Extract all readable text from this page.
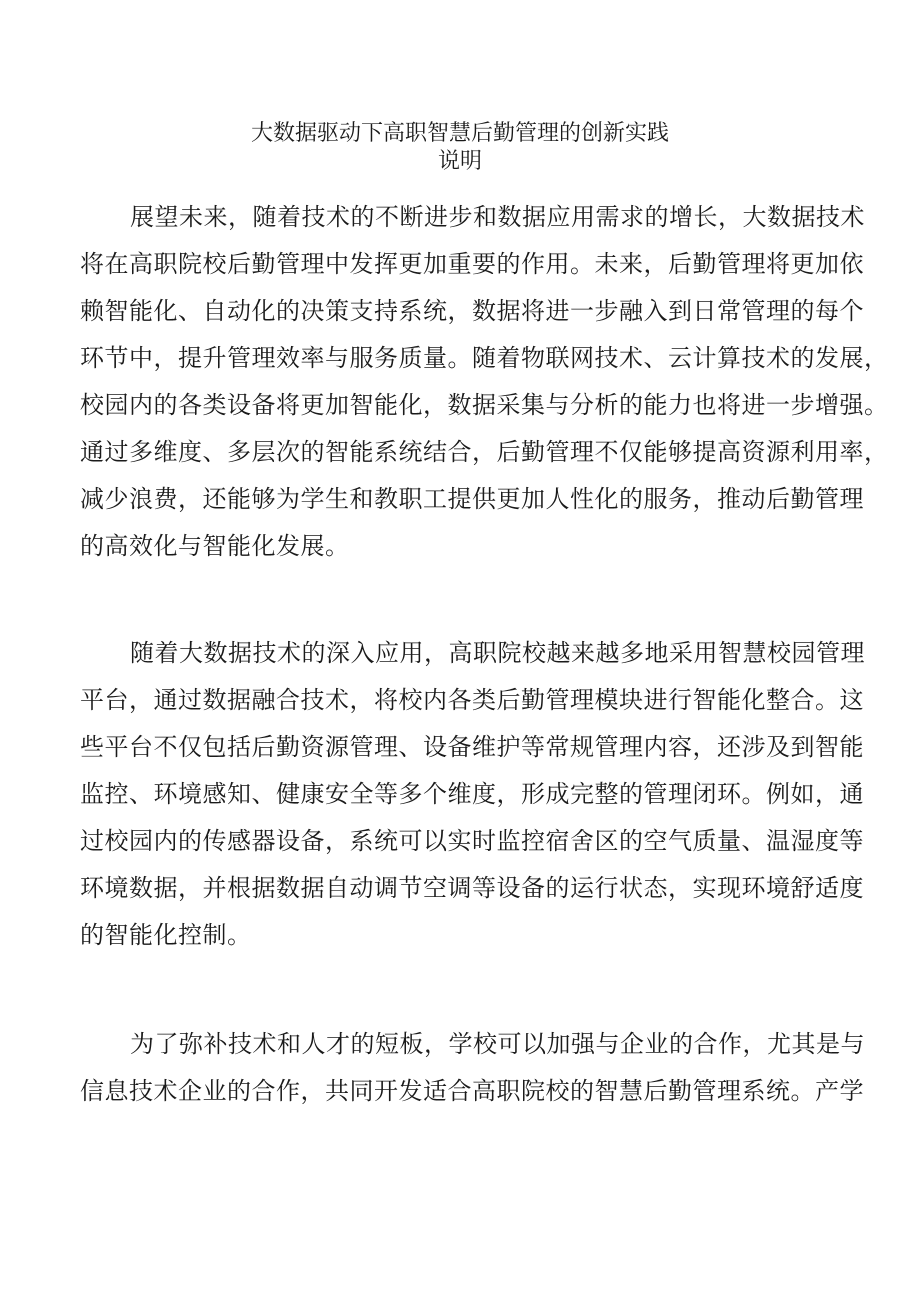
大数据驱动下高职智慧后勤管理的创新实践
说明

展望未来，随着技术的不断进步和数据应用需求的增长，大数据技术
将在高职院校后勤管理中发挥更加重要的作用。未来，后勤管理将更加依
赖智能化、自动化的决策支持系统，数据将进一步融入到日常管理的每个
环节中，提升管理效率与服务质量。随着物联网技术、云计算技术的发展，
校园内的各类设备将更加智能化，数据采集与分析的能力也将进一步增强。
通过多维度、多层次的智能系统结合，后勤管理不仅能够提高资源利用率，
减少浪费，还能够为学生和教职工提供更加人性化的服务，推动后勤管理
的高效化与智能化发展。

随着大数据技术的深入应用，高职院校越来越多地采用智慧校园管理
平台，通过数据融合技术，将校内各类后勤管理模块进行智能化整合。这
些平台不仅包括后勤资源管理、设备维护等常规管理内容，还涉及到智能
监控、环境感知、健康安全等多个维度，形成完整的管理闭环。例如，通
过校园内的传感器设备，系统可以实时监控宿舍区的空气质量、温湿度等
环境数据，并根据数据自动调节空调等设备的运行状态，实现环境舒适度
的智能化控制。

为了弥补技术和人才的短板，学校可以加强与企业的合作，尤其是与
信息技术企业的合作，共同开发适合高职院校的智慧后勤管理系统。产学
